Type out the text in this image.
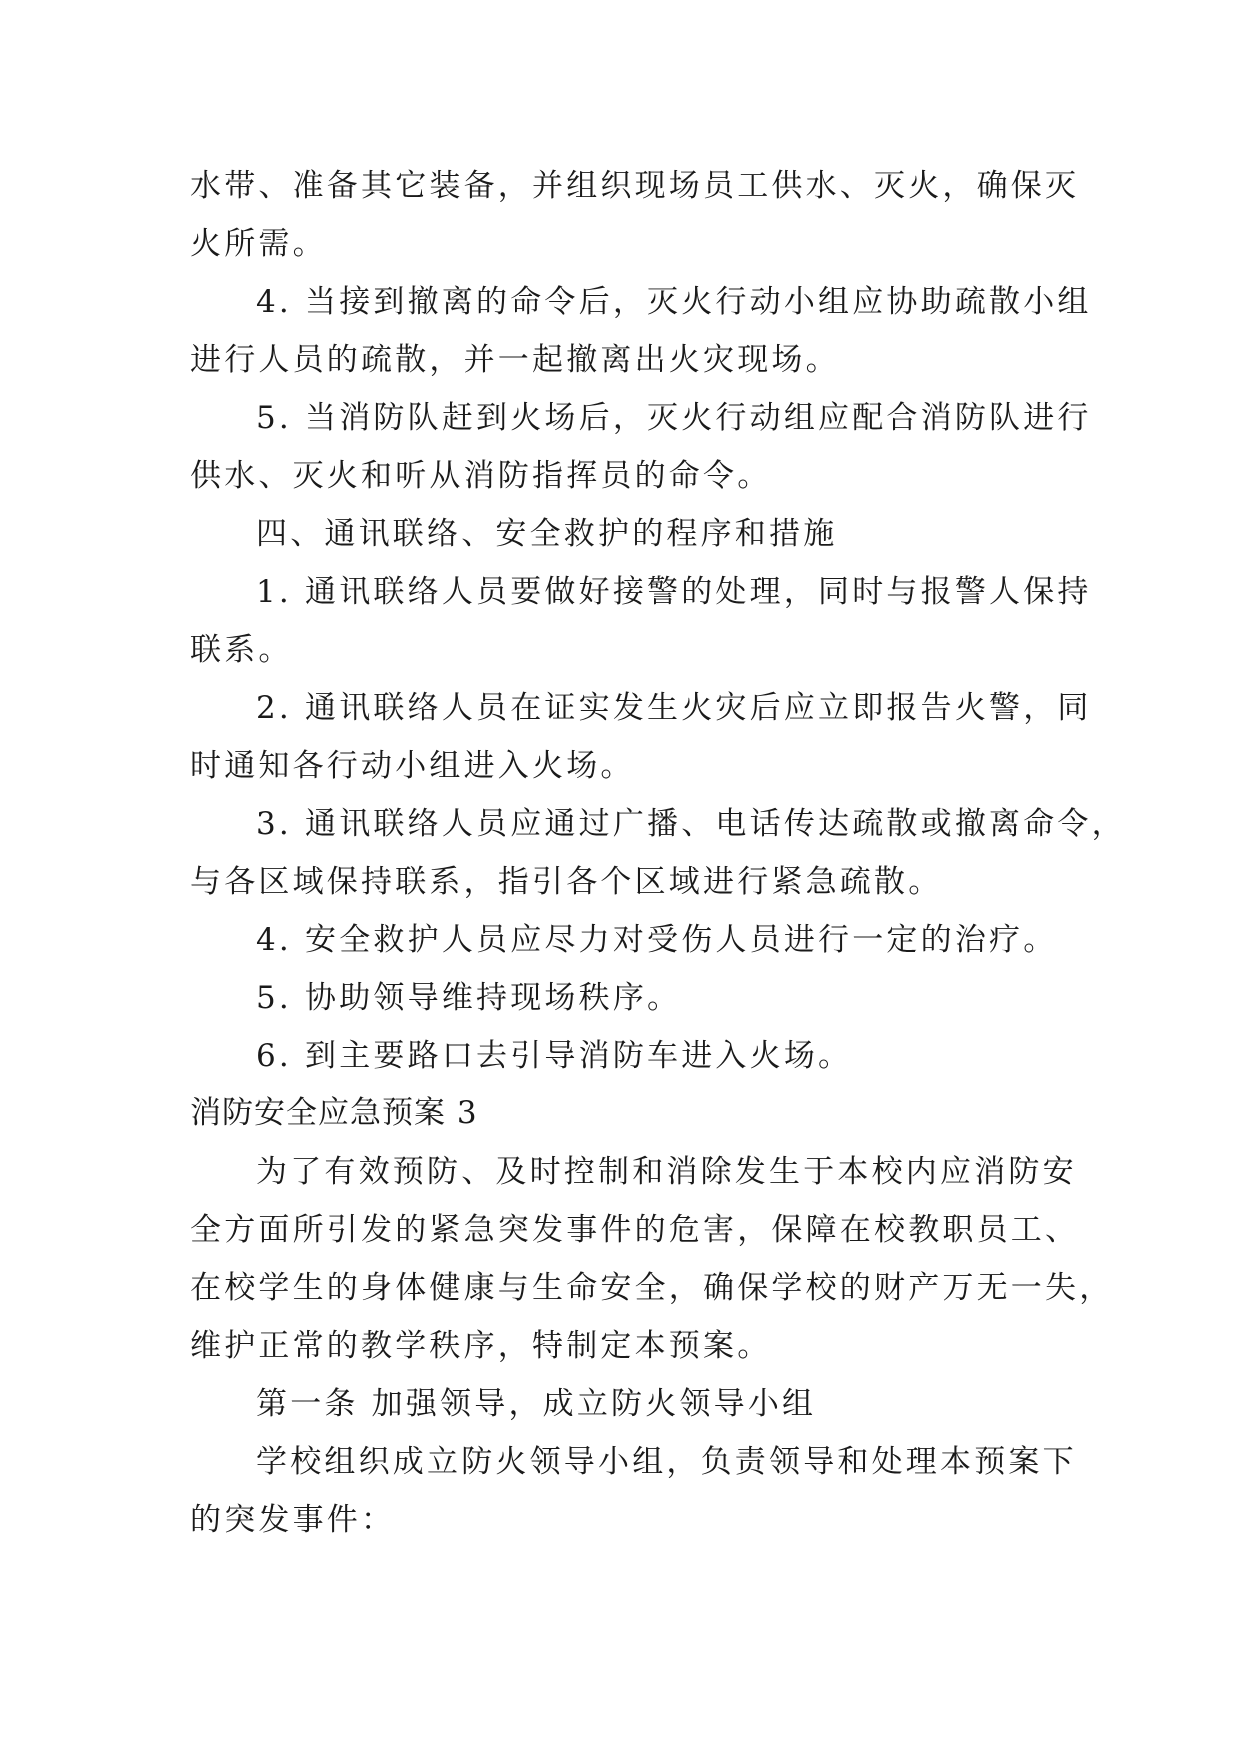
水带、准备其它装备，并组织现场员工供水、灭火，确保灭
火所需。
4. 当接到撤离的命令后，灭火行动小组应协助疏散小组
进行人员的疏散，并一起撤离出火灾现场。
5. 当消防队赶到火场后，灭火行动组应配合消防队进行
供水、灭火和听从消防指挥员的命令。
四、通讯联络、安全救护的程序和措施
1. 通讯联络人员要做好接警的处理，同时与报警人保持
联系。
2. 通讯联络人员在证实发生火灾后应立即报告火警，同
时通知各行动小组进入火场。
3. 通讯联络人员应通过广播、电话传达疏散或撤离命令，
与各区域保持联系，指引各个区域进行紧急疏散。
4. 安全救护人员应尽力对受伤人员进行一定的治疗。
5. 协助领导维持现场秩序。
6. 到主要路口去引导消防车进入火场。
消防安全应急预案 3
为了有效预防、及时控制和消除发生于本校内应消防安
全方面所引发的紧急突发事件的危害，保障在校教职员工、
在校学生的身体健康与生命安全，确保学校的财产万无一失，
维护正常的教学秩序，特制定本预案。
第一条 加强领导，成立防火领导小组
学校组织成立防火领导小组，负责领导和处理本预案下
的突发事件：
